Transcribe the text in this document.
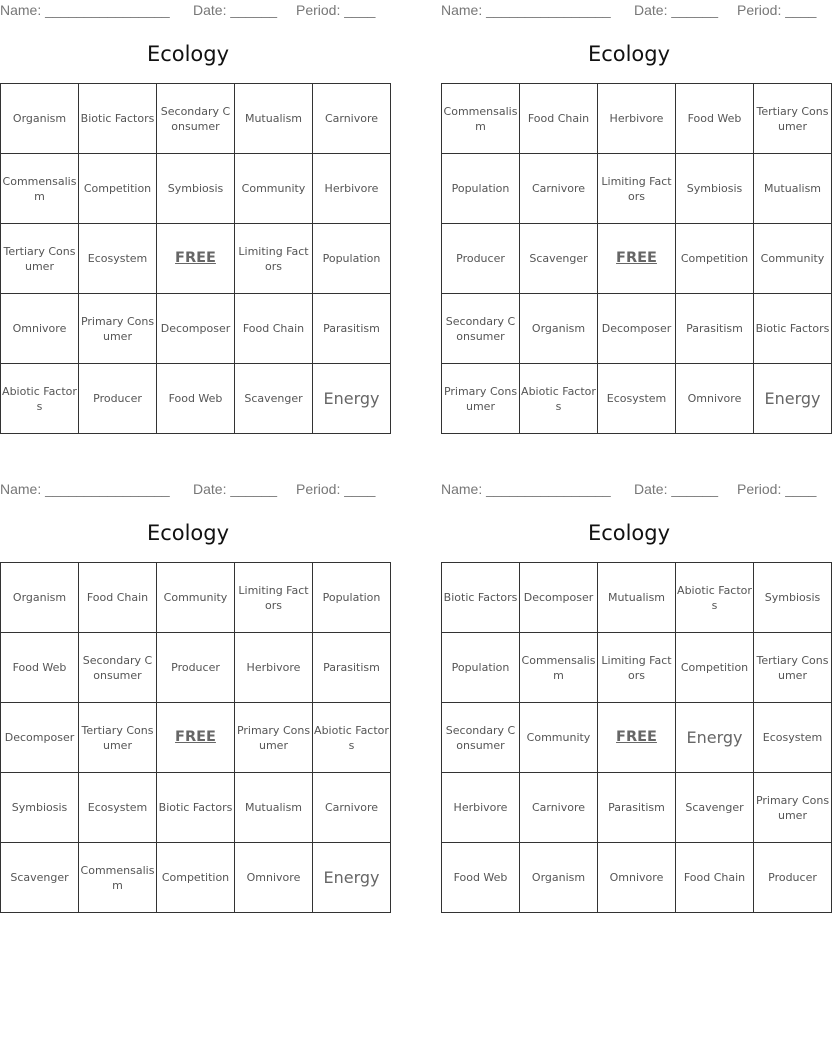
Name: ________________ Date: ______ Period: ____
Ecology
Organism	Biotic Factors	Secondary Consumer	Mutualism	Carnivore
Commensalism	Competition	Symbiosis	Community	Herbivore
Tertiary Consumer	Ecosystem	FREE	Limiting Factors	Population
Omnivore	Primary Consumer	Decomposer	Food Chain	Parasitism
Abiotic Factors	Producer	Food Web	Scavenger	Energy
Name: ________________ Date: ______ Period: ____
Ecology
Commensalism	Food Chain	Herbivore	Food Web	Tertiary Consumer
Population	Carnivore	Limiting Factors	Symbiosis	Mutualism
Producer	Scavenger	FREE	Competition	Community
Secondary Consumer	Organism	Decomposer	Parasitism	Biotic Factors
Primary Consumer	Abiotic Factors	Ecosystem	Omnivore	Energy
Name: ________________ Date: ______ Period: ____
Ecology
Organism	Food Chain	Community	Limiting Factors	Population
Food Web	Secondary Consumer	Producer	Herbivore	Parasitism
Decomposer	Tertiary Consumer	FREE	Primary Consumer	Abiotic Factors
Symbiosis	Ecosystem	Biotic Factors	Mutualism	Carnivore
Scavenger	Commensalism	Competition	Omnivore	Energy
Name: ________________ Date: ______ Period: ____
Ecology
Biotic Factors	Decomposer	Mutualism	Abiotic Factors	Symbiosis
Population	Commensalism	Limiting Factors	Competition	Tertiary Consumer
Secondary Consumer	Community	FREE	Energy	Ecosystem
Herbivore	Carnivore	Parasitism	Scavenger	Primary Consumer
Food Web	Organism	Omnivore	Food Chain	Producer
